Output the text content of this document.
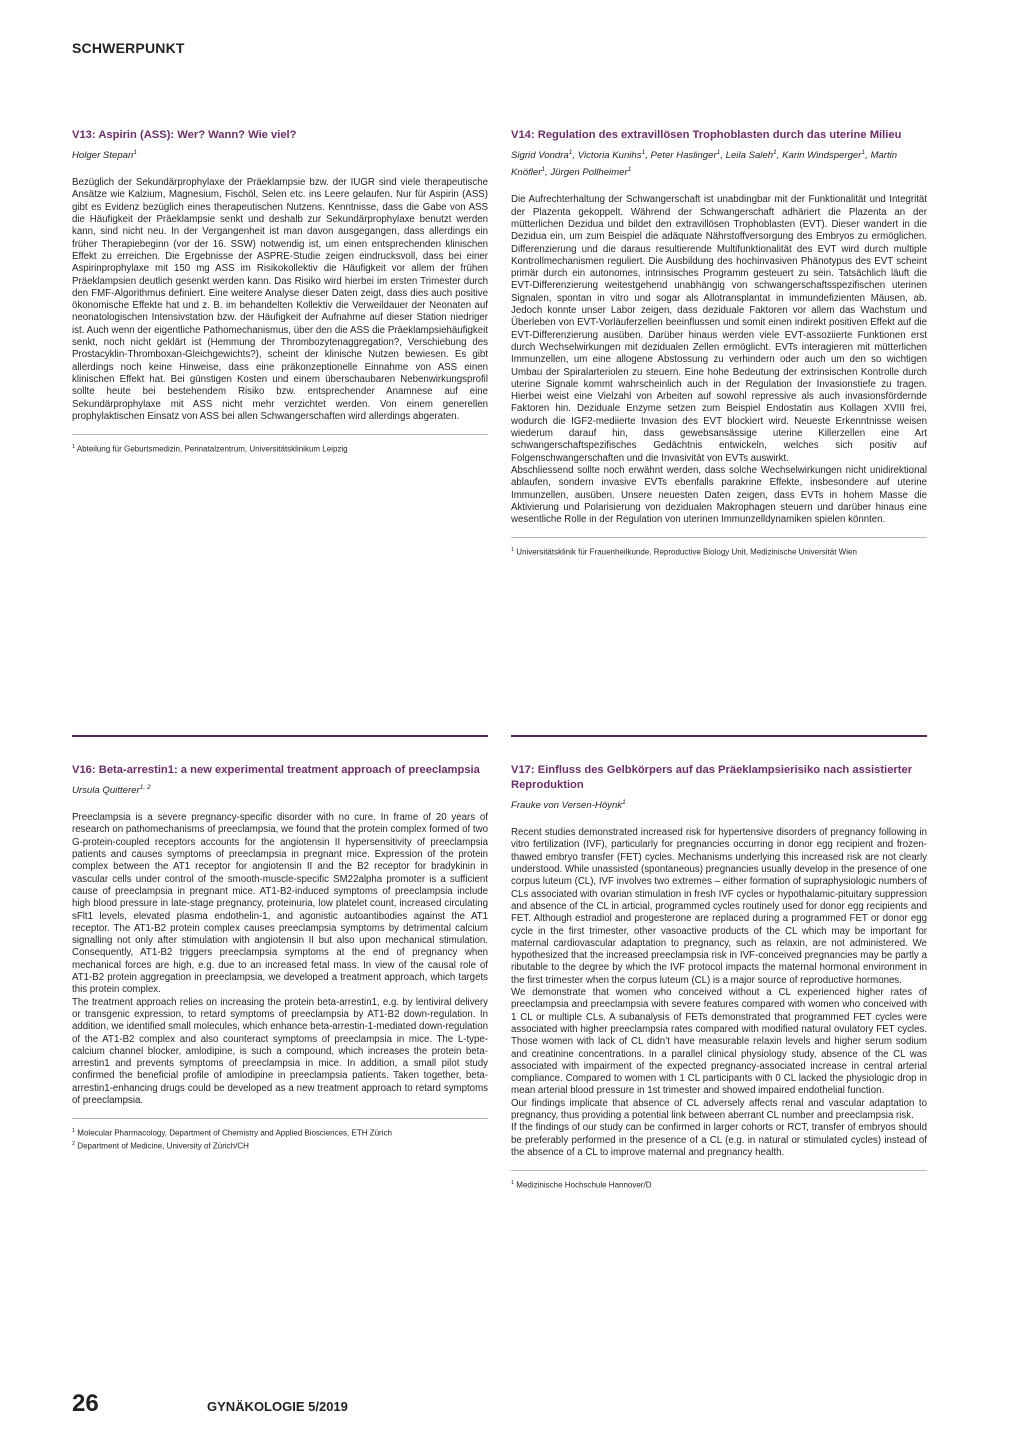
SCHWERPUNKT
V13: Aspirin (ASS): Wer? Wann? Wie viel?
Holger Stepan$^1$

Bezüglich der Sekundärprophylaxe der Präeklampsie bzw. der IUGR sind viele therapeutische Ansätze wie Kalzium, Magnesium, Fischöl, Selen etc. ins Leere gelaufen. Nur für Aspirin (ASS) gibt es Evidenz bezüglich eines therapeutischen Nutzens. Kenntnisse, dass die Gabe von ASS die Häufigkeit der Präeklampsie senkt und deshalb zur Sekundärprophylaxe benutzt werden kann, sind nicht neu. In der Vergangenheit ist man davon ausgegangen, dass allerdings ein früher Therapiebeginn (vor der 16. SSW) notwendig ist, um einen entsprechenden klinischen Effekt zu erreichen. Die Ergebnisse der ASPRE-Studie zeigen eindrucksvoll, dass bei einer Aspirinprophylaxe mit 150 mg ASS im Risikokollektiv die Häufigkeit vor allem der frühen Präeklampsien deutlich gesenkt werden kann. Das Risiko wird hierbei im ersten Trimester durch den FMF-Algorithmus definiert. Eine weitere Analyse dieser Daten zeigt, dass dies auch positive ökonomische Effekte hat und z. B. im behandelten Kollektiv die Verweildauer der Neonaten auf neonatologischen Intensivstation bzw. der Häufigkeit der Aufnahme auf dieser Station niedriger ist. Auch wenn der eigentliche Pathomechanismus, über den die ASS die Präeklampsiehäufigkeit senkt, noch nicht geklärt ist (Hemmung der Thrombozytenaggregation?, Verschiebung des Prostacyklin-Thromboxan-Gleichgewichts?), scheint der klinische Nutzen bewiesen. Es gibt allerdings noch keine Hinweise, dass eine präkonzeptionelle Einnahme von ASS einen klinischen Effekt hat. Bei günstigen Kosten und einem überschaubaren Nebenwirkungsprofil sollte heute bei bestehendem Risiko bzw. entsprechender Anamnese auf eine Sekundärprophylaxe mit ASS nicht mehr verzichtet werden. Von einem generellen prophylaktischen Einsatz von ASS bei allen Schwangerschaften wird allerdings abgeraten.

$^1$ Abteilung für Geburtsmedizin, Perinatalzentrum, Universitätsklinikum Leipzig
V14: Regulation des extravillösen Trophoblasten durch das uterine Milieu
Sigrid Vondra$^1$, Victoria Kunihs$^1$, Peter Haslinger$^1$, Leila Saleh$^1$, Karin Windsperger$^1$, Martin Knöfler$^1$, Jürgen Pollheimer$^1$

Die Aufrechterhaltung der Schwangerschaft ist unabdingbar mit der Funktionalität und Integrität der Plazenta gekoppelt. Während der Schwangerschaft adhäriert die Plazenta an der mütterlichen Dezidua und bildet den extravillösen Trophoblasten (EVT). Dieser wandert in die Dezidua ein, um zum Beispiel die adäquate Nährstoffversorgung des Embryos zu ermöglichen. Differenzierung und die daraus resultierende Multifunktionalität des EVT wird durch multiple Kontrollmechanismen reguliert. Die Ausbildung des hochinvasiven Phänotypus des EVT scheint primär durch ein autonomes, intrinsisches Programm gesteuert zu sein. Tatsächlich läuft die EVT-Differenzierung weitestgehend unabhängig von schwangerschaftsspezifischen uterinen Signalen, spontan in vitro und sogar als Allotransplantat in immundefizienten Mäusen, ab. Jedoch konnte unser Labor zeigen, dass deziduale Faktoren vor allem das Wachstum und Überleben von EVT-Vorläuferzellen beeinflussen und somit einen indirekt positiven Effekt auf die EVT-Differenzierung ausüben. Darüber hinaus werden viele EVT-assoziierte Funktionen erst durch Wechselwirkungen mit dezidualen Zellen ermöglicht. EVTs interagieren mit mütterlichen Immunzellen, um eine allogene Abstossung zu verhindern oder auch um den so wichtigen Umbau der Spiralarteriolen zu steuern. Eine hohe Bedeutung der extrinsischen Kontrolle durch uterine Signale kommt wahrscheinlich auch in der Regulation der Invasionstiefe zu tragen. Hierbei weist eine Vielzahl von Arbeiten auf sowohl repressive als auch invasionsfördernde Faktoren hin. Deziduale Enzyme setzen zum Beispiel Endostatin aus Kollagen XVIII frei, wodurch die IGF2-mediierte Invasion des EVT blockiert wird. Neueste Erkenntnisse weisen wiederum darauf hin, dass gewebsansässige uterine Killerzellen eine Art schwangerschaftspezifisches Gedächtnis entwickeln, welches sich positiv auf Folgenschwangerschaften und die Invasivität von EVTs auswirkt.

Abschliessend sollte noch erwähnt werden, dass solche Wechselwirkungen nicht unidirektional ablaufen, sondern invasive EVTs ebenfalls parakrine Effekte, insbesondere auf uterine Immunzellen, ausüben. Unsere neuesten Daten zeigen, dass EVTs in hohem Masse die Aktivierung und Polarisierung von dezidualen Makrophagen steuern und darüber hinaus eine wesentliche Rolle in der Regulation von uterinen Immunzelldynamiken spielen könnten.

$^1$ Universitätsklinik für Frauenheilkunde, Reproductive Biology Unit, Medizinische Universität Wien
V16: Beta-arrestin1: a new experimental treatment approach of preeclampsia
Ursula Quitterer$^{1, 2}$

Preeclampsia is a severe pregnancy-specific disorder with no cure. In frame of 20 years of research on pathomechanisms of preeclampsia, we found that the protein complex formed of two G-protein-coupled receptors accounts for the angiotensin II hypersensitivity of preeclampsia patients and causes symptoms of preeclampsia in pregnant mice. Expression of the protein complex between the AT1 receptor for angiotensin II and the B2 receptor for bradykinin in vascular cells under control of the smooth-muscle-specific SM22alpha promoter is a sufficient cause of preeclampsia in pregnant mice. AT1-B2-induced symptoms of preeclampsia include high blood pressure in late-stage pregnancy, proteinuria, low platelet count, increased circulating sFlt1 levels, elevated plasma endothelin-1, and agonistic autoantibodies against the AT1 receptor. The AT1-B2 protein complex causes preeclampsia symptoms by detrimental calcium signalling not only after stimulation with angiotensin II but also upon mechanical stimulation. Consequently, AT1-B2 triggers preeclampsia symptoms at the end of pregnancy when mechanical forces are high, e.g. due to an increased fetal mass. In view of the causal role of AT1-B2 protein aggregation in preeclampsia, we developed a treatment approach, which targets this protein complex.

The treatment approach relies on increasing the protein beta-arrestin1, e.g. by lentiviral delivery or transgenic expression, to retard symptoms of preeclampsia by AT1-B2 down-regulation. In addition, we identified small molecules, which enhance beta-arrestin-1-mediated down-regulation of the AT1-B2 complex and also counteract symptoms of preeclampsia in mice. The L-type-calcium channel blocker, amlodipine, is such a compound, which increases the protein beta-arrestin1 and prevents symptoms of preeclampsia in mice. In addition, a small pilot study confirmed the beneficial profile of amlodipine in preeclampsia patients. Taken together, beta-arrestin1-enhancing drugs could be developed as a new treatment approach to retard symptoms of preeclampsia.

$^1$ Molecular Pharmacology, Department of Chemistry and Applied Biosciences, ETH Zürich
$^2$ Department of Medicine, University of Zürich/CH
V17: Einfluss des Gelbkörpers auf das Präeklampsierisiko nach assistierter Reproduktion
Frauke von Versen-Höynk$^1$

Recent studies demonstrated increased risk for hypertensive disorders of pregnancy following in vitro fertilization (IVF), particularly for pregnancies occurring in donor egg recipient and frozen-thawed embryo transfer (FET) cycles. Mechanisms underlying this increased risk are not clearly understood. While unassisted (spontaneous) pregnancies usually develop in the presence of one corpus luteum (CL), IVF involves two extremes – either formation of supraphysiologic numbers of CLs associated with ovarian stimulation in fresh IVF cycles or hypothalamic-pituitary suppression and absence of the CL in articial, programmed cycles routinely used for donor egg recipients and FET. Although estradiol and progesterone are replaced during a programmed FET or donor egg cycle in the first trimester, other vasoactive products of the CL which may be important for maternal cardiovascular adaptation to pregnancy, such as relaxin, are not administered. We hypothesized that the increased preeclampsia risk in IVF-conceived pregnancies may be partly a ributable to the degree by which the IVF protocol impacts the maternal hormonal environment in the first trimester when the corpus luteum (CL) is a major source of reproductive hormones.

We demonstrate that women who conceived without a CL experienced higher rates of preeclampsia and preeclampsia with severe features compared with women who conceived with 1 CL or multiple CLs. A subanalysis of FETs demonstrated that programmed FET cycles were associated with higher preeclampsia rates compared with modified natural ovulatory FET cycles. Those women with lack of CL didn’t have measurable relaxin levels and higher serum sodium and creatinine concentrations. In a parallel clinical physiology study, absence of the CL was associated with impairment of the expected pregnancy-associated increase in central arterial compliance. Compared to women with 1 CL participants with 0 CL lacked the physiologic drop in mean arterial blood pressure in 1st trimester and showed impaired endothelial function.

Our findings implicate that absence of CL adversely affects renal and vascular adaptation to pregnancy, thus providing a potential link between aberrant CL number and preeclampsia risk.

If the findings of our study can be confirmed in larger cohorts or RCT, transfer of embryos should be preferably performed in the presence of a CL (e.g. in natural or stimulated cycles) instead of the absence of a CL to improve maternal and pregnancy health.

$^1$ Medizinische Hochschule Hannover/D
26	GYNÄKOLOGIE 5/2019
